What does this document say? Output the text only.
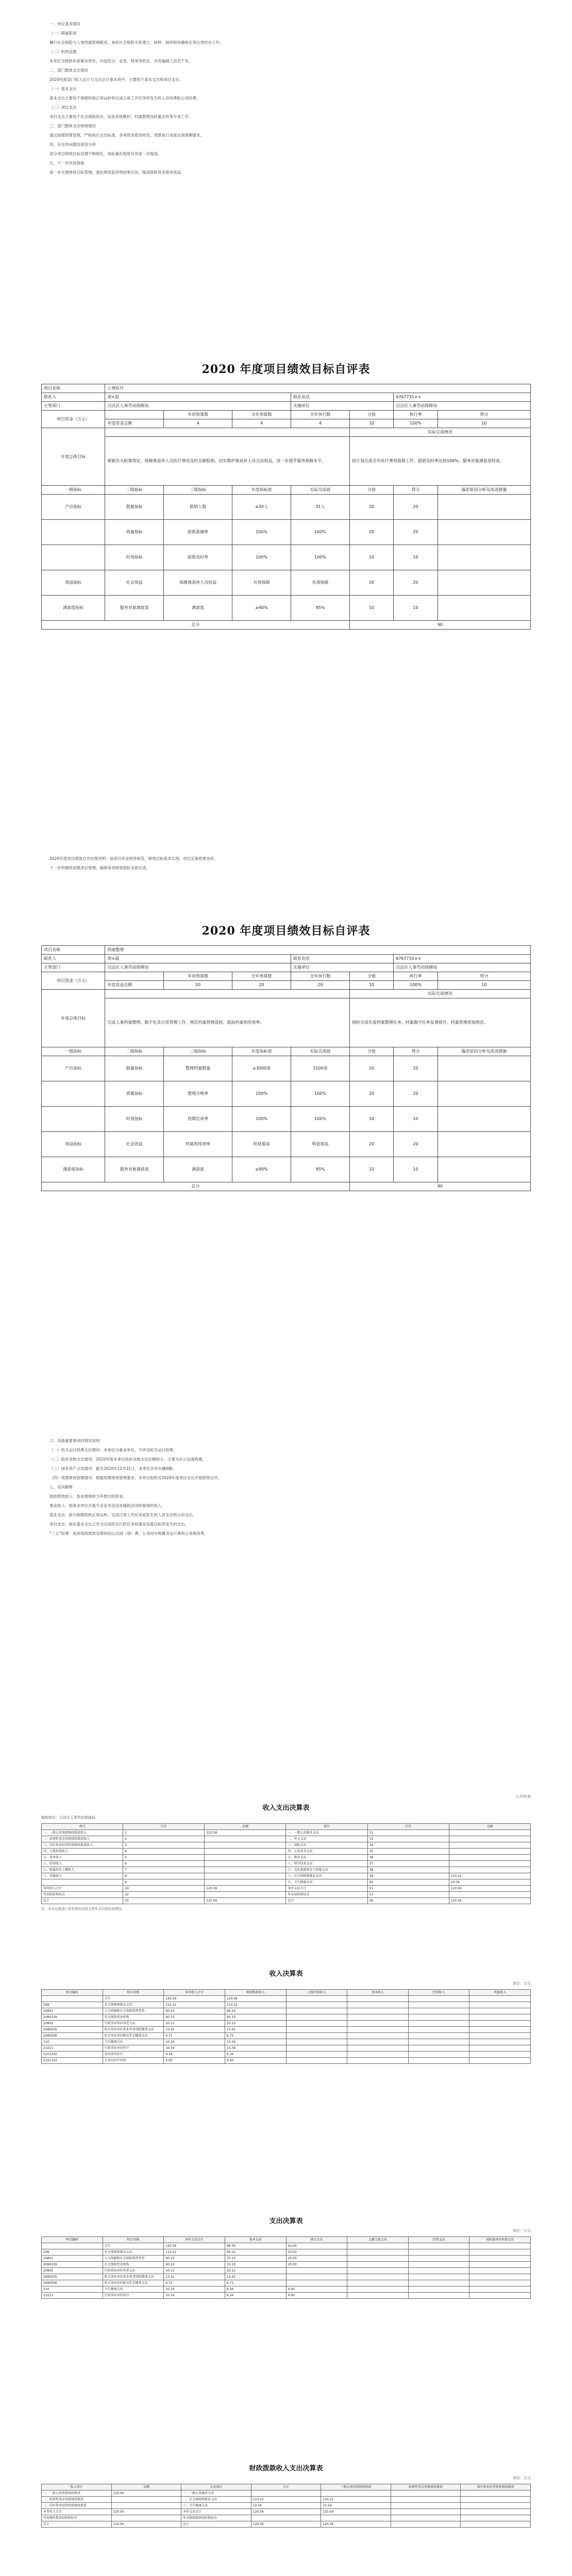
一、单位基本情况

（一）职能职责

履行社会保险与人事档案管理职责，承担社会保险关系建立、转移、接续和待遇核定等日常经办工作。

（二）机构设置

本单位为财政补助事业单位，内设综合、业务、财务等科室，共有编制人员若干名。

二、部门整体支出情况

2020年度部门收入总计与支出总计基本持平，主要用于基本支出和项目支出。

（一）基本支出

基本支出主要用于保障机构正常运转和完成日常工作任务所发生的人员经费和公用经费。

（二）项目支出

项目支出主要用于社会保险经办、信息系统维护、档案整理及政策宣传等专项工作。

三、部门整体支出绩效情况

通过加强预算管理，严格执行支出标准，各项资金使用规范，预算执行进度达到预期要求。

四、存在的问题及原因分析

部分项目绩效目标设置不够细化，指标量化程度有待进一步提高。

五、下一步改进措施

进一步完善绩效目标管理，强化绩效监控和结果应用，提高财政资金使用效益。

2020 年度项目绩效目标自评表
项目名称	公费医疗						
联系人	周×晨			联系电话		6767731××	
主管部门	汉沽区人事劳动保障局			实施单位		汉沽区人事劳动保障局	
项目资金（万元）		年初预算数	全年预算数	全年执行数	分值	执行率	得分
	年度资金总额	4	4	4	10	100%	10
年度总体目标					实际完成情况		
	根据有关政策规定，保障离退休人员医疗费用及时足额报销，切实维护离退休人员合法权益，进一步提升服务保障水平。				按计划完成全年医疗费用报销工作，报销及时率达到100%，服务对象满意度较高。		
一级指标	二级指标	三级指标	年度指标值	实际完成值	分值	得分	偏差原因分析及改进措施
产出指标	数量指标	报销人数	≥30人	31人	20	20	
	质量指标	报销准确率	100%	100%	20	20	
	时效指标	报销及时率	100%	100%	10	10	
效益指标	社会效益	保障离退休人员权益	有效保障	有效保障	20	20	
满意度指标	服务对象满意度	满意度	≥90%	95%	10	10	
总分					90		

2020年度项目绩效自评结果说明：该项目资金使用规范，绩效目标基本实现，项目实施效果良好。

下一步将继续加强项目管理，确保各项绩效指标全面完成。

2020 年度项目绩效目标自评表
项目名称	档案整理						
联系人	周×晨			联系电话		6767731××	
主管部门	汉沽区人事劳动保障局			实施单位		汉沽区人事劳动保障局	
项目资金（万元）		年初预算数	全年预算数	全年执行数	分值	执行率	得分
	年度资金总额	20	20	20	10	100%	10
年度总体目标					实际完成情况		
	完成人事档案整理、数字化及日常管理工作，规范档案管理流程，提高档案利用效率。				按时完成年度档案整理任务，档案数字化率显著提升，档案管理更加规范。		
一级指标	二级指标	三级指标	年度指标值	实际完成值	分值	得分	偏差原因分析及改进措施
产出指标	数量指标	整理档案数量	≥3000卷	3100卷	20	20	
	质量指标	整理合格率	100%	100%	20	20	
	时效指标	按期完成率	100%	100%	10	10	
效益指标	社会效益	档案利用效率	明显提高	明显提高	20	20	
满意度指标	服务对象满意度	满意度	≥90%	95%	10	10	
总分					90		

六、其他重要事项的情况说明

（一）机关运行经费支出情况：本单位为事业单位，不涉及机关运行经费。

（二）政府采购支出情况：2020年度本单位政府采购支出总额较小，主要为办公设备购置。

（三）国有资产占用情况：截至2020年12月31日，本单位共有车辆0辆。

（四）预算绩效管理情况：根据预算绩效管理要求，本单位组织对2020年度项目支出开展绩效自评。

七、名词解释

财政拨款收入：指本级财政当年拨付的资金。

事业收入：指事业单位开展专业业务活动及辅助活动所取得的收入。

基本支出：指为保障机构正常运转、完成日常工作任务而发生的人员支出和公用支出。

项目支出：指在基本支出之外为完成特定行政任务和事业发展目标所发生的支出。

“三公”经费：指用财政拨款安排的因公出国（境）费、公务用车购置及运行费和公务接待费。

公开01表
收入支出决算表
编制单位：汉沽区人事劳动保障局
项目	行次	金额	项目	行次	金额
一、一般公共预算财政拨款收入	1	120.56	一、一般公共服务支出	32	
二、政府性基金预算财政拨款收入	2		二、外交支出	33	
三、国有资本经营预算财政拨款收入	3		三、国防支出	34	
四、上级补助收入	4		四、公共安全支出	35	
五、事业收入	5		五、教育支出	36	
六、经营收入	6		六、科学技术支出	37	
七、附属单位上缴收入	7		七、文化旅游体育与传媒支出	38	
八、其他收入	8		八、社会保障和就业支出	39	110.22
	9		九、卫生健康支出	40	10.34
本年收入合计	20	120.56	本年支出合计	51	120.56
年初结转和结余	22		年末结转和结余	53	
总计	25	120.56	总计	56	120.56
注：本表反映部门本年度的总收支和年末结转结余情况。
收入决算表
单位：万元
科目编码	科目名称	本年收入合计	财政拨款收入	上级补助收入	事业收入	经营收入	其他收入
	合计	120.56	120.56				
208	社会保障和就业支出	110.22	110.22				
20801	人力资源和社会保障管理事务	90.10	90.10				
2080109	社会保险经办机构	90.10	90.10				
20805	行政事业单位养老支出	20.12	20.12				
2080505	机关事业单位基本养老保险缴费支出	13.41	13.41				
2080506	机关事业单位职业年金缴费支出	6.71	6.71				
210	卫生健康支出	10.34	10.34				
21011	行政事业单位医疗	10.34	10.34				
2101102	事业单位医疗	6.34	6.34				
2101103	公务员医疗补助	4.00	4.00				
支出决算表
单位：万元
科目编码	科目名称	本年支出合计	基本支出	项目支出	上缴上级支出	经营支出	对附属单位补助支出
	合计	120.56	96.56	24.00			
208	社会保障和就业支出	110.22	90.22	20.00			
20801	人力资源和社会保障管理事务	90.10	70.10	20.00			
2080109	社会保险经办机构	90.10	70.10	20.00			
20805	行政事业单位养老支出	20.12	20.12				
2080505	机关事业单位基本养老保险缴费支出	13.41	13.41				
2080506	机关事业单位职业年金缴费支出	6.71	6.71				
210	卫生健康支出	10.34	6.34	4.00			
21011	行政事业单位医疗	10.34	6.34	4.00			
财政拨款收入支出决算表
单位：万元
收入项目	金额	支出项目	合计	一般公共预算财政拨款	政府性基金预算财政拨款	国有资本经营预算财政拨款
一、一般公共预算财政拨款	120.56	一、一般公共服务支出				
二、政府性基金预算财政拨款		二、社会保障和就业支出	110.22	110.22		
三、国有资本经营预算财政拨款		三、卫生健康支出	10.34	10.34		
本年收入合计	120.56	本年支出合计	120.56	120.56		
年初财政拨款结转和结余		年末财政拨款结转和结余				
总计	120.56	总计	120.56	120.56		
